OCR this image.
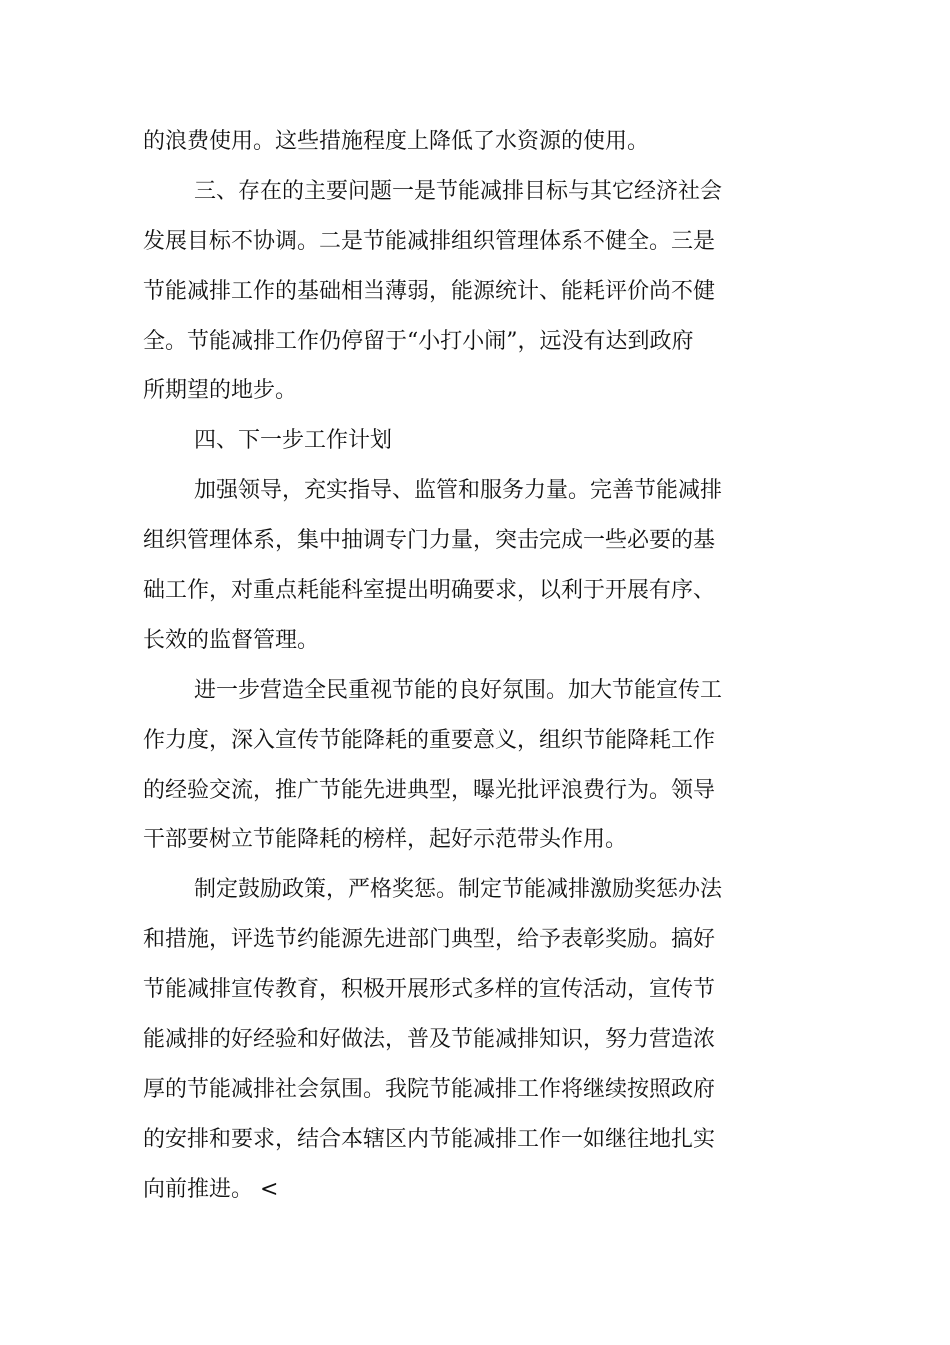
的浪费使用。这些措施程度上降低了水资源的使用。
三、存在的主要问题一是节能减排目标与其它经济社会
发展目标不协调。二是节能减排组织管理体系不健全。三是
节能减排工作的基础相当薄弱，能源统计、能耗评价尚不健
全。节能减排工作仍停留于“小打小闹”，远没有达到政府
所期望的地步。
四、下一步工作计划
加强领导，充实指导、监管和服务力量。完善节能减排
组织管理体系，集中抽调专门力量，突击完成一些必要的基
础工作，对重点耗能科室提出明确要求，以利于开展有序、
长效的监督管理。
进一步营造全民重视节能的良好氛围。加大节能宣传工
作力度，深入宣传节能降耗的重要意义，组织节能降耗工作
的经验交流，推广节能先进典型，曝光批评浪费行为。领导
干部要树立节能降耗的榜样，起好示范带头作用。
制定鼓励政策，严格奖惩。制定节能减排激励奖惩办法
和措施，评选节约能源先进部门典型，给予表彰奖励。搞好
节能减排宣传教育，积极开展形式多样的宣传活动，宣传节
能减排的好经验和好做法，普及节能减排知识，努力营造浓
厚的节能减排社会氛围。我院节能减排工作将继续按照政府
的安排和要求，结合本辖区内节能减排工作一如继往地扎实
向前推进。 <
